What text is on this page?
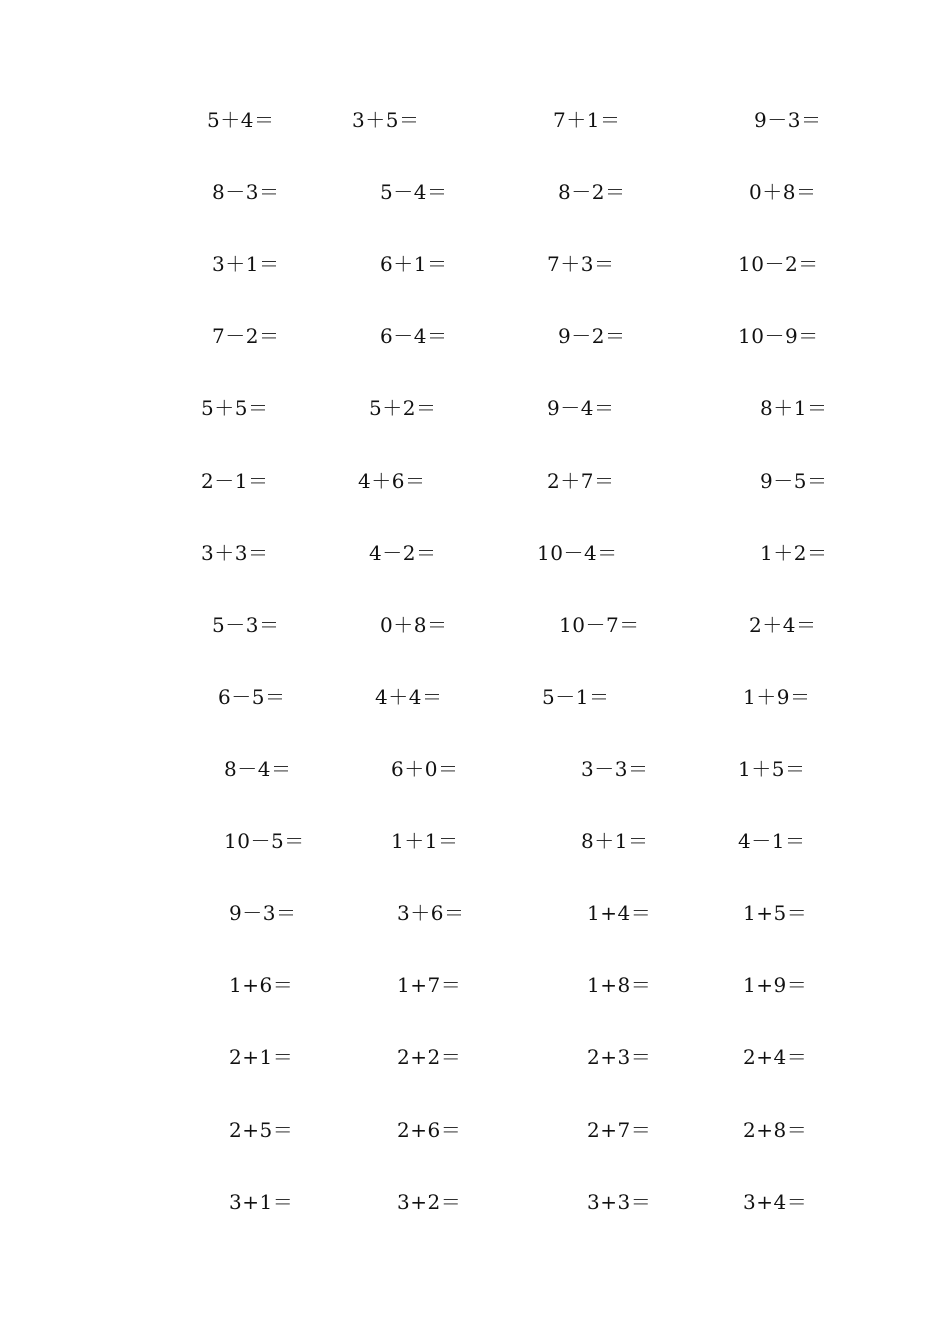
5＋4＝	3＋5＝	7＋1＝	9－3＝
8－3＝	5－4＝	8－2＝	0＋8＝
3＋1＝	6＋1＝	7＋3＝	10－2＝
7－2＝	6－4＝	9－2＝	10－9＝
5＋5＝	5＋2＝	9－4＝	8＋1＝
2－1＝	4＋6＝	2＋7＝	9－5＝
3＋3＝	4－2＝	10－4＝	1＋2＝
5－3＝	0＋8＝	10－7＝	2＋4＝
6－5＝	4＋4＝	5－1＝	1＋9＝
8－4＝	6＋0＝	3－3＝	1＋5＝
10－5＝	1＋1＝	8＋1＝	4－1＝
9－3＝	3＋6＝	1+4＝	1+5＝
1+6＝	1+7＝	1+8＝	1+9＝
2+1＝	2+2＝	2+3＝	2+4＝
2+5＝	2+6＝	2+7＝	2+8＝
3+1＝	3+2＝	3+3＝	3+4＝
